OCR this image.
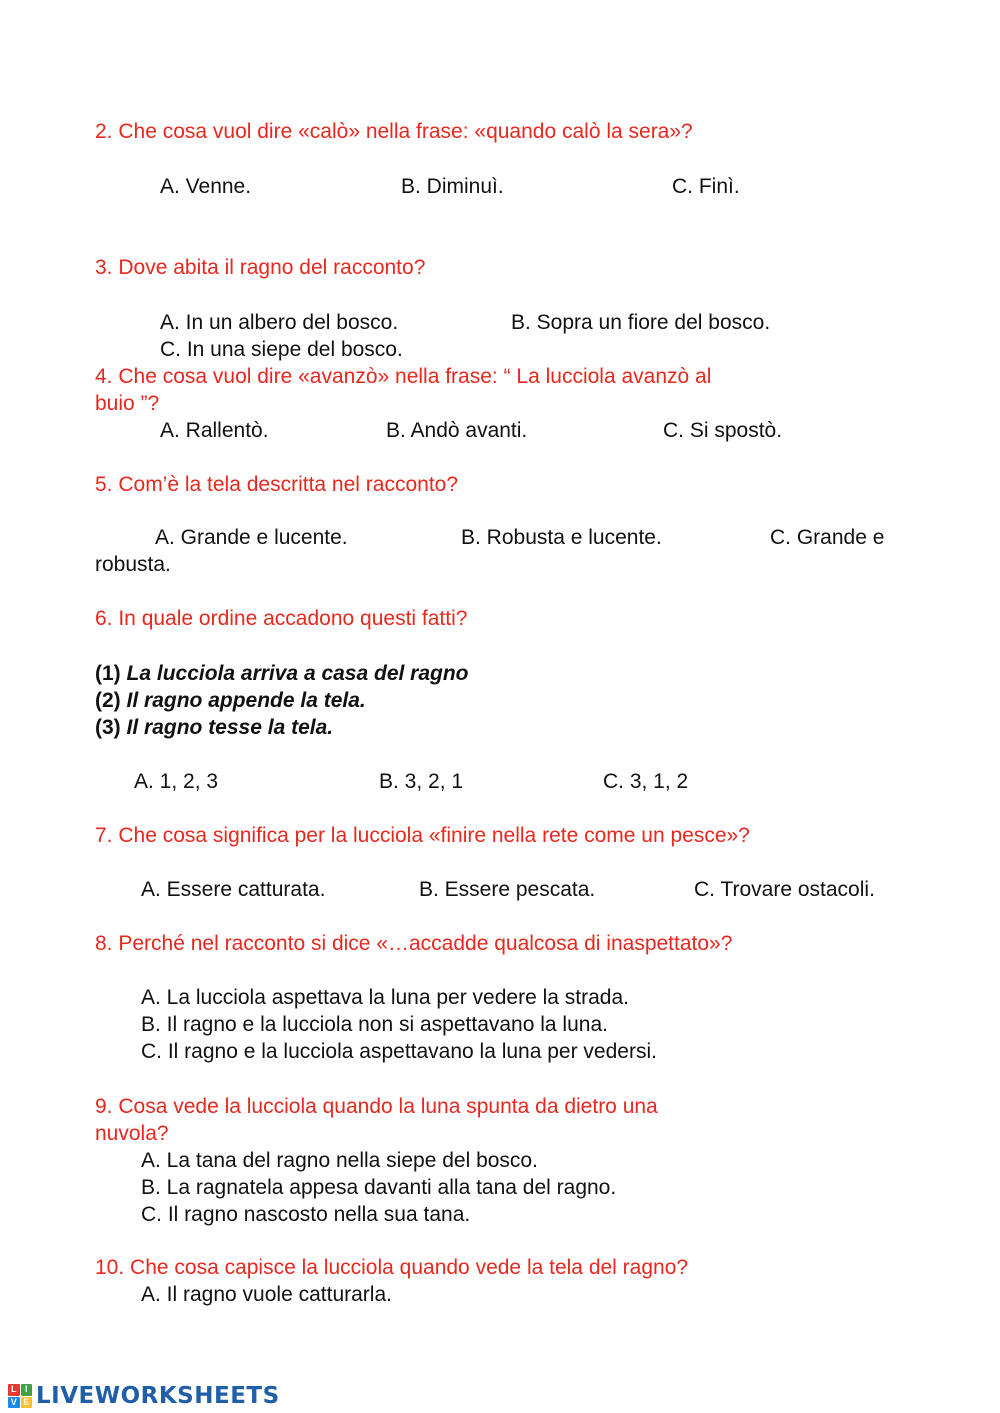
2. Che cosa vuol dire «calò» nella frase: «quando calò la sera»?
A. Venne.	B. Diminuì.	C. Finì.
3. Dove abita il ragno del racconto?
A. In un albero del bosco.	B. Sopra un fiore del bosco.
C. In una siepe del bosco.
4. Che cosa vuol dire «avanzò» nella frase: “ La lucciola avanzò al
buio ”?
A. Rallentò.	B. Andò avanti.	C. Si spostò.
5. Com’è la tela descritta nel racconto?
A. Grande e lucente.	B. Robusta e lucente.	C. Grande e
robusta.
6. In quale ordine accadono questi fatti?
(1) La lucciola arriva a casa del ragno
(2) Il ragno appende la tela.
(3) Il ragno tesse la tela.
A. 1, 2, 3	B. 3, 2, 1	C. 3, 1, 2
7. Che cosa significa per la lucciola «finire nella rete come un pesce»?
A. Essere catturata.	B. Essere pescata.	C. Trovare ostacoli.
8. Perché nel racconto si dice «…accadde qualcosa di inaspettato»?
A. La lucciola aspettava la luna per vedere la strada.
B. Il ragno e la lucciola non si aspettavano la luna.
C. Il ragno e la lucciola aspettavano la luna per vedersi.
9. Cosa vede la lucciola quando la luna spunta da dietro una
nuvola?
A. La tana del ragno nella siepe del bosco.
B. La ragnatela appesa davanti alla tana del ragno.
C. Il ragno nascosto nella sua tana.
10. Che cosa capisce la lucciola quando vede la tela del ragno?
A. Il ragno vuole catturarla.
L I
V E LIVEWORKSHEETS
